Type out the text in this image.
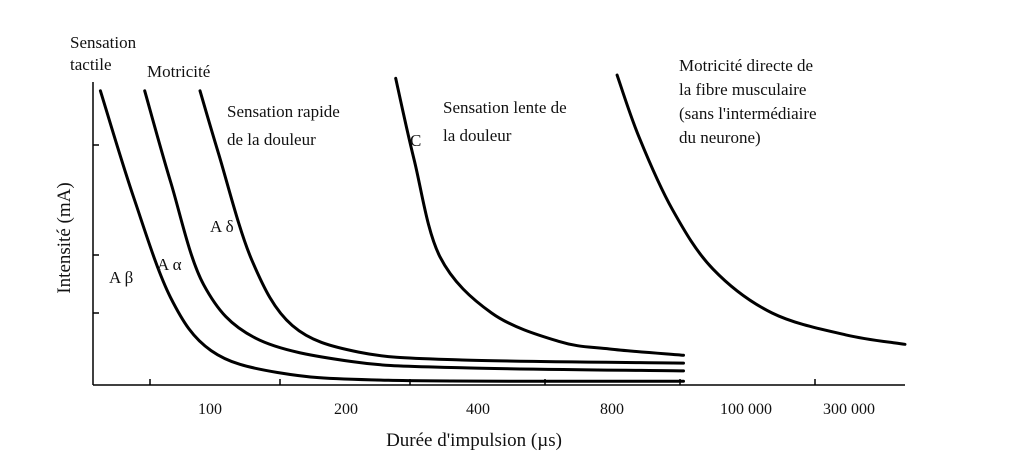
100	200	400	800	100 000	300 000
Durée d'impulsion (µs)
Intensité (mA)
Sensation
tactile
A β
Motricité
A α
Sensation rapide
de la douleur
A δ
Sensation lente de
la douleur
C
Motricité directe de
la fibre musculaire
(sans l'intermédiaire
du neurone)
